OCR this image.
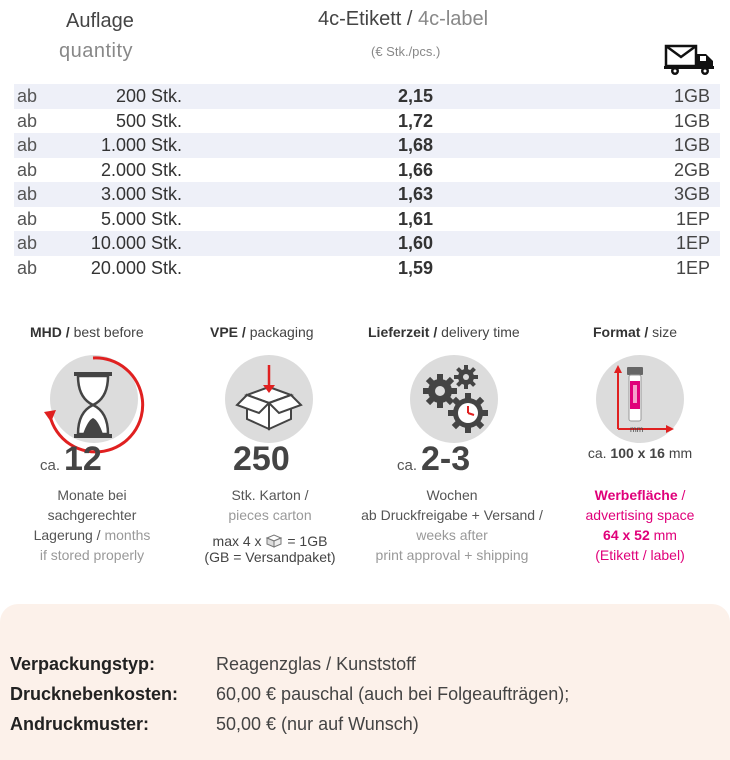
Auflage
quantity
4c-Etikett / 4c-label
(€ Stk./pcs.)
ab	200 Stk.	2,15	1GB
ab	500 Stk.	1,72	1GB
ab	1.000 Stk.	1,68	1GB
ab	2.000 Stk.	1,66	2GB
ab	3.000 Stk.	1,63	3GB
ab	5.000 Stk.	1,61	1EP
ab	10.000 Stk.	1,60	1EP
ab	20.000 Stk.	1,59	1EP
MHD / best before
ca. 12
Monate bei
sachgerechter
Lagerung / months
if stored properly
VPE / packaging
250
Stk. Karton /
pieces carton
max 4 x = 1GB
(GB = Versandpaket)
Lieferzeit / delivery time
ca. 2-3
Wochen
ab Druckfreigabe + Versand /
weeks after
print approval + shipping
Format / size
mm
ca. 100 x 16 mm
Werbefläche /
advertising space
64 x 52 mm
(Etikett / label)
Verpackungstyp:	Reagenzglas / Kunststoff
Drucknebenkosten: 60,00 € pauschal (auch bei Folgeaufträgen);
Andruckmuster:	50,00 € (nur auf Wunsch)
